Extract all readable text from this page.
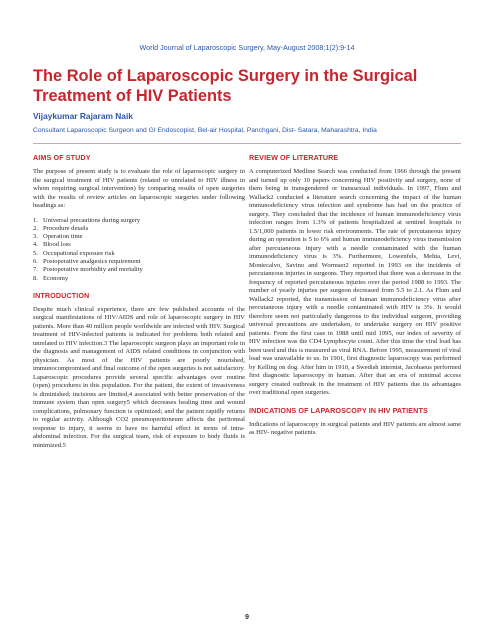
World Journal of Laparoscopic Surgery, May-August 2008;1(2):9-14
The Role of Laparoscopic Surgery in the Surgical Treatment of HIV Patients
Vijaykumar Rajaram Naik
Consultant Laparoscopic Surgeon and GI Endoscopist, Bel-air Hospital, Panchgani, Dist- Satara, Maharashtra, India
AIMS OF STUDY

The purpose of present study is to evaluate the role of laparoscopic surgery in the surgical treatment of HIV patients (related or unrelated to HIV illness in whom requiring surgical intervention) by comparing results of open surgeries with the results of review articles on laparoscopic surgeries under following headings as:

1. Universal precautions during surgery
2. Procedure details
3. Operation time
4. Blood loss
5. Occupational exposure risk
6. Postoperative analgesics requirement
7. Postoperative morbidity and mortality
8. Economy
INTRODUCTION

Despite much clinical experience, there are few published accounts of the surgical manifestations of HIV/AIDS and role of laparoscopic surgery in HIV patients. More than 40 million people worldwide are infected with HIV. Surgical treatment of HIV-infected patients is indicated for problems both related and unrelated to HIV infection.3 The laparoscopic surgeon plays an important role in the diagnosis and management of AIDS related conditions in conjunction with physician. As most of the HIV patients are poorly nourished, immunocompromised and final outcome of the open surgeries is not satisfactory. Laparoscopic procedures provide several specific advantages over routine (open) procedures in this population. For the patient, the extent of invasiveness is diminished; incisions are limited,4 associated with better preservation of the immune system than open surgery5 which decreases healing time and wound complications, pulmonary function is optimized; and the patient rapidly returns to regular activity. Although CO2 pneumoperitoneum affects the peritoneal response to injury, it seems to have no harmful effect in terms of intra-abdominal infection. For the surgical team, risk of exposure to body fluids is minimized.5

REVIEW OF LITERATURE

A computerized Medline Search was conducted from 1966 through the present and turned up only 10 papers concerning HIV positivity and surgery, none of them being in transgendered or transsexual individuals. In 1997, Flum and Wallack2 conducted a literature search concerning the impact of the human immunodeficiency virus infection and syndrome has had on the practice of surgery. They concluded that the incidence of human immunodeficiency virus infection ranges from 1.3% of patients hospitalized at sentinel hospitals to 1.5/1,000 patients in lower risk environments. The rate of percutaneous injury during an operation is 5 to 6% and human immunodeficiency virus transmission after percutaneous injury with a needle contaminated with the human immunodeficiency virus is 3%. Furthermore, Lowenfels, Mehta, Levi, Montecalvo, Savino and Wormser2 reported in 1993 on the incidents of percutaneous injuries in surgeons. They reported that there was a decrease in the frequency of reported percutaneous injuries over the period 1988 to 1993. The number of yearly injuries per surgeon decreased from 5.5 to 2.1. As Flum and Wallack2 reported, the transmission of human immunodeficiency virus after percutaneous injury with a needle contaminated with HIV is 3%. It would therefore seem not particularly dangerous to the individual surgeon, providing universal precautions are undertaken, to undertake surgery on HIV positive patients. From the first case in 1988 until mid 1995, our index of severity of HIV infection was the CD4 Lymphocyte count. After this time the viral load has been used and this is measured as viral RNA. Before 1995, measurement of viral load was unavailable to us. In 1901, first diagnostic laparoscopy was performed by Kelling on dog. After him in 1910, a Swedish internist, Jacobaeus performed first diagnostic laparoscopy in human. After that an era of minimal access surgery created outbreak in the treatment of HIV patients due its advantages over traditional open surgeries.

INDICATIONS OF LAPAROSCOPY IN HIV PATIENTS

Indications of laparoscopy in surgical patients and HIV patients are almost same as HIV- negative patients.

9
